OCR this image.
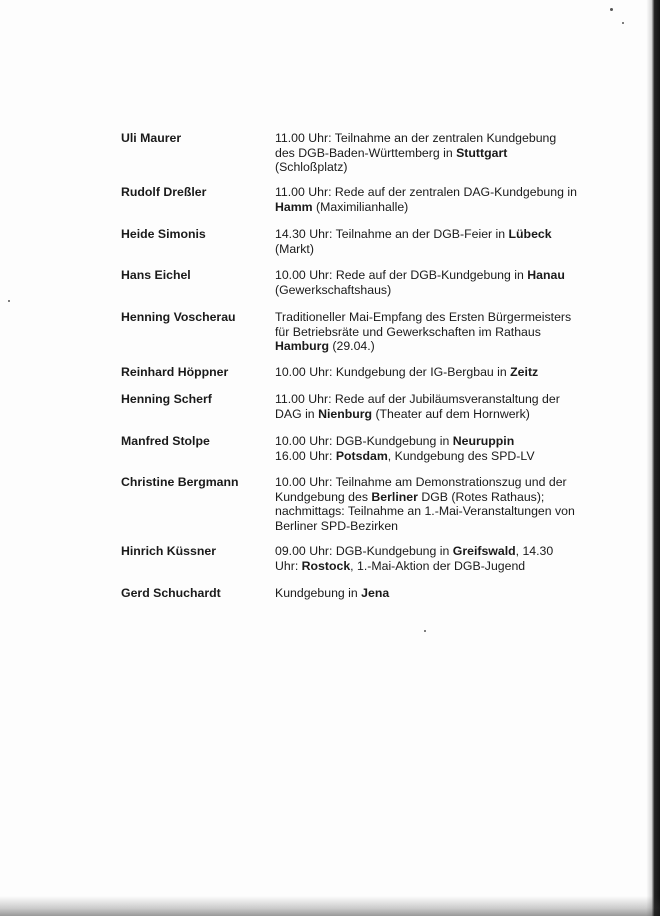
Uli Maurer	11.00 Uhr: Teilnahme an der zentralen Kundgebung
des DGB-Baden-Württemberg in Stuttgart
(Schloßplatz)
Rudolf Dreßler	11.00 Uhr: Rede auf der zentralen DAG-Kundgebung in
Hamm (Maximilianhalle)
Heide Simonis	14.30 Uhr: Teilnahme an der DGB-Feier in Lübeck
(Markt)
Hans Eichel	10.00 Uhr: Rede auf der DGB-Kundgebung in Hanau
(Gewerkschaftshaus)
Henning Voscherau	Traditioneller Mai-Empfang des Ersten Bürgermeisters
für Betriebsräte und Gewerkschaften im Rathaus
Hamburg (29.04.)
Reinhard Höppner	10.00 Uhr: Kundgebung der IG-Bergbau in Zeitz
Henning Scherf	11.00 Uhr: Rede auf der Jubiläumsveranstaltung der
DAG in Nienburg (Theater auf dem Hornwerk)
Manfred Stolpe	10.00 Uhr: DGB-Kundgebung in Neuruppin
16.00 Uhr: Potsdam, Kundgebung des SPD-LV
Christine Bergmann	10.00 Uhr: Teilnahme am Demonstrationszug und der
Kundgebung des Berliner DGB (Rotes Rathaus);
nachmittags: Teilnahme an 1.-Mai-Veranstaltungen von
Berliner SPD-Bezirken
Hinrich Küssner	09.00 Uhr: DGB-Kundgebung in Greifswald, 14.30
Uhr: Rostock, 1.-Mai-Aktion der DGB-Jugend
Gerd Schuchardt	Kundgebung in Jena
